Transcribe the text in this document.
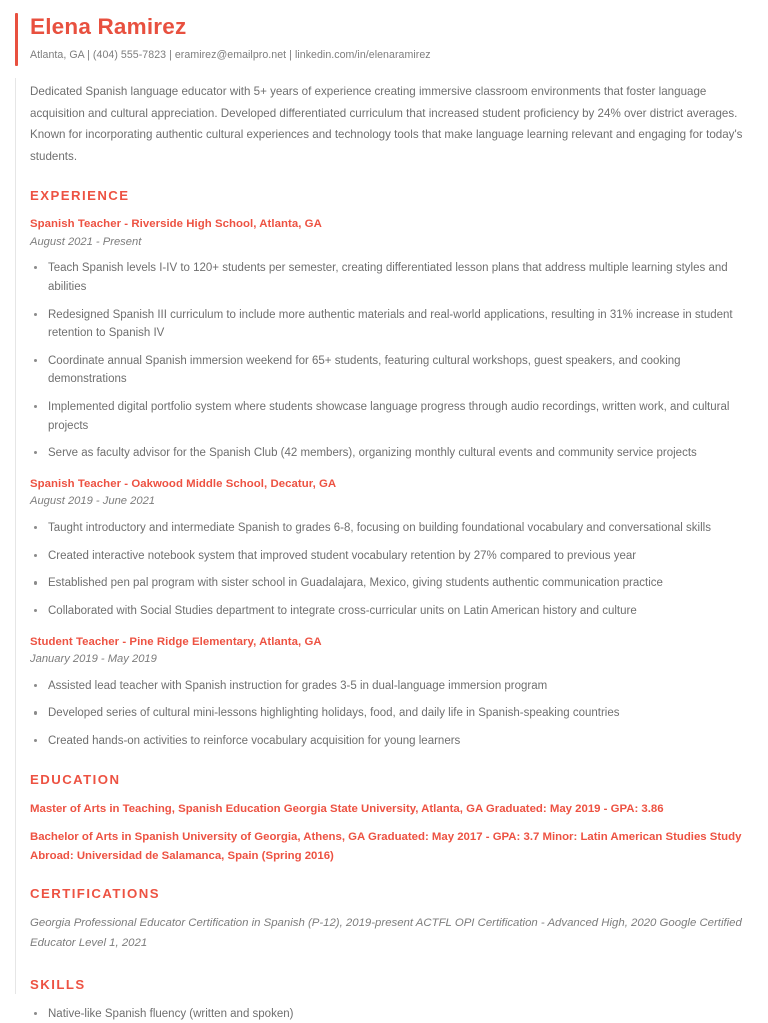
Elena Ramirez

Atlanta, GA | (404) 555-7823 | eramirez@emailpro.net | linkedin.com/in/elenaramirez

Dedicated Spanish language educator with 5+ years of experience creating immersive classroom environments that foster language acquisition and cultural appreciation. Developed differentiated curriculum that increased student proficiency by 24% over district averages. Known for incorporating authentic cultural experiences and technology tools that make language learning relevant and engaging for today's students.

EXPERIENCE
Spanish Teacher - Riverside High School, Atlanta, GA

August 2021 - Present

Teach Spanish levels I-IV to 120+ students per semester, creating differentiated lesson plans that address multiple learning styles and abilities
Redesigned Spanish III curriculum to include more authentic materials and real-world applications, resulting in 31% increase in student retention to Spanish IV
Coordinate annual Spanish immersion weekend for 65+ students, featuring cultural workshops, guest speakers, and cooking demonstrations
Implemented digital portfolio system where students showcase language progress through audio recordings, written work, and cultural projects
Serve as faculty advisor for the Spanish Club (42 members), organizing monthly cultural events and community service projects
Spanish Teacher - Oakwood Middle School, Decatur, GA

August 2019 - June 2021

Taught introductory and intermediate Spanish to grades 6-8, focusing on building foundational vocabulary and conversational skills
Created interactive notebook system that improved student vocabulary retention by 27% compared to previous year
Established pen pal program with sister school in Guadalajara, Mexico, giving students authentic communication practice
Collaborated with Social Studies department to integrate cross-curricular units on Latin American history and culture
Student Teacher - Pine Ridge Elementary, Atlanta, GA

January 2019 - May 2019

Assisted lead teacher with Spanish instruction for grades 3-5 in dual-language immersion program
Developed series of cultural mini-lessons highlighting holidays, food, and daily life in Spanish-speaking countries
Created hands-on activities to reinforce vocabulary acquisition for young learners
EDUCATION

Master of Arts in Teaching, Spanish Education Georgia State University, Atlanta, GA Graduated: May 2019 - GPA: 3.86

Bachelor of Arts in Spanish University of Georgia, Athens, GA Graduated: May 2017 - GPA: 3.7 Minor: Latin American Studies Study Abroad: Universidad de Salamanca, Spain (Spring 2016)

CERTIFICATIONS

Georgia Professional Educator Certification in Spanish (P-12), 2019-present ACTFL OPI Certification - Advanced High, 2020 Google Certified Educator Level 1, 2021

SKILLS
Native-like Spanish fluency (written and spoken)
